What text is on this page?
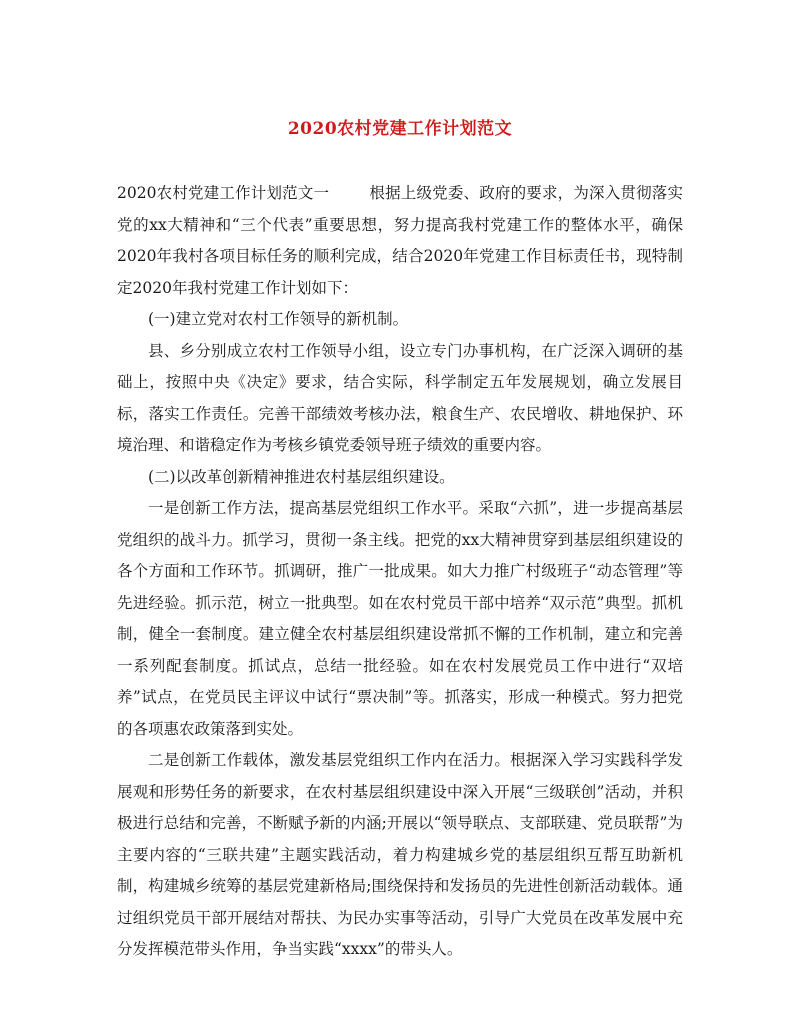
2020农村党建工作计划范文

2020农村党建工作计划范文一	根据上级党委、政府的要求，为深入贯彻落实党的xx大精神和“三个代表”重要思想，努力提高我村党建工作的整体水平，确保2020年我村各项目标任务的顺利完成，结合2020年党建工作目标责任书，现特制定2020年我村党建工作计划如下：

(一)建立党对农村工作领导的新机制。

县、乡分别成立农村工作领导小组，设立专门办事机构，在广泛深入调研的基础上，按照中央《决定》要求，结合实际，科学制定五年发展规划，确立发展目标，落实工作责任。完善干部绩效考核办法，粮食生产、农民增收、耕地保护、环境治理、和谐稳定作为考核乡镇党委领导班子绩效的重要内容。

(二)以改革创新精神推进农村基层组织建设。

一是创新工作方法，提高基层党组织工作水平。采取“六抓”，进一步提高基层党组织的战斗力。抓学习，贯彻一条主线。把党的xx大精神贯穿到基层组织建设的各个方面和工作环节。抓调研，推广一批成果。如大力推广村级班子“动态管理”等先进经验。抓示范，树立一批典型。如在农村党员干部中培养“双示范”典型。抓机制，健全一套制度。建立健全农村基层组织建设常抓不懈的工作机制，建立和完善一系列配套制度。抓试点，总结一批经验。如在农村发展党员工作中进行“双培养”试点，在党员民主评议中试行“票决制”等。抓落实，形成一种模式。努力把党的各项惠农政策落到实处。

二是创新工作载体，激发基层党组织工作内在活力。根据深入学习实践科学发展观和形势任务的新要求，在农村基层组织建设中深入开展“三级联创”活动，并积极进行总结和完善，不断赋予新的内涵;开展以“领导联点、支部联建、党员联帮”为主要内容的“三联共建”主题实践活动，着力构建城乡党的基层组织互帮互助新机制，构建城乡统筹的基层党建新格局;围绕保持和发扬员的先进性创新活动载体。通过组织党员干部开展结对帮扶、为民办实事等活动，引导广大党员在改革发展中充分发挥模范带头作用，争当实践“xxxx”的带头人。
